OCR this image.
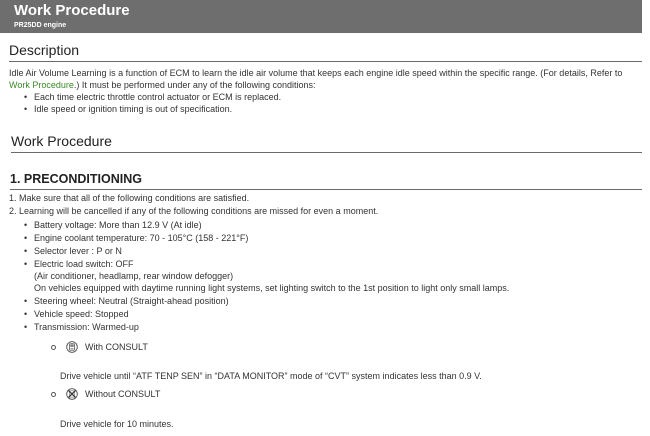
Work Procedure
PR25DD engine
Description
Idle Air Volume Learning is a function of ECM to learn the idle air volume that keeps each engine idle speed within the specific range. (For details, Refer to
Work Procedure.) It must be performed under any of the following conditions:
• Each time electric throttle control actuator or ECM is replaced.
• Idle speed or ignition timing is out of specification.
Work Procedure
1. PRECONDITIONING
1. Make sure that all of the following conditions are satisfied.
2. Learning will be cancelled if any of the following conditions are missed for even a moment.
• Battery voltage: More than 12.9 V (At idle)
• Engine coolant temperature: 70 - 105°C (158 - 221°F)
• Selector lever : P or N
• Electric load switch: OFF
(Air conditioner, headlamp, rear window defogger)
On vehicles equipped with daytime running light systems, set lighting switch to the 1st position to light only small lamps.
• Steering wheel: Neutral (Straight-ahead position)
• Vehicle speed: Stopped
• Transmission: Warmed-up
With CONSULT
Drive vehicle until “ATF TENP SEN” in “DATA MONITOR” mode of “CVT” system indicates less than 0.9 V.
Without CONSULT
Drive vehicle for 10 minutes.
